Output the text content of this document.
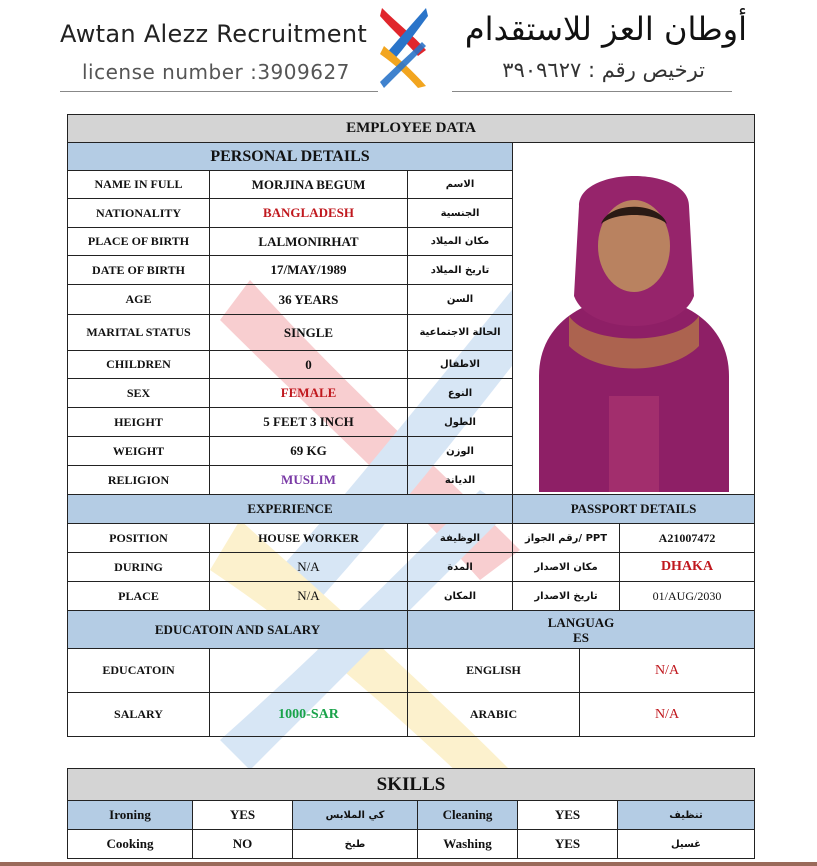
Awtan Alezz Recruitment
license number :3909627
أوطان العز للاستقدام
ترخيص رقم : ٣٩٠٩٦٢٧
EMPLOYEE DATA					
PERSONAL DETAILS	

NAME IN FULL	MORJINA BEGUM	الاسم			
NATIONALITY	BANGLADESH	الجنسية			
PLACE OF BIRTH	LALMONIRHAT	مكان الميلاد			
DATE OF BIRTH	17/MAY/1989	تاريخ الميلاد			
AGE	36 YEARS	السن			
MARITAL STATUS	SINGLE	الحالة الاجتماعية			
CHILDREN	0	الاطفال			
SEX	FEMALE	النوع			
HEIGHT	5 FEET 3 INCH	الطول			
WEIGHT	69 KG	الوزن			
RELIGION	MUSLIM	الديانة			
EXPERIENCE			PASSPORT DETAILS		
POSITION	HOUSE WORKER	الوظيفة	PPT /رقم الجواز		A21007472
DURING	N/A	المدة	مكان الاصدار		DHAKA
PLACE	N/A	المكان	تاريخ الاصدار		01/AUG/2030
EDUCATOIN AND SALARY		LANGUAG
ES			

EDUCATOIN		ENGLISH		N/A	
SALARY	1000-SAR	ARABIC		N/A	
SKILLS					
Ironing	YES	كي الملابس	Cleaning	YES	تنظيف
Cooking	NO	طبخ	Washing	YES	غسيل
